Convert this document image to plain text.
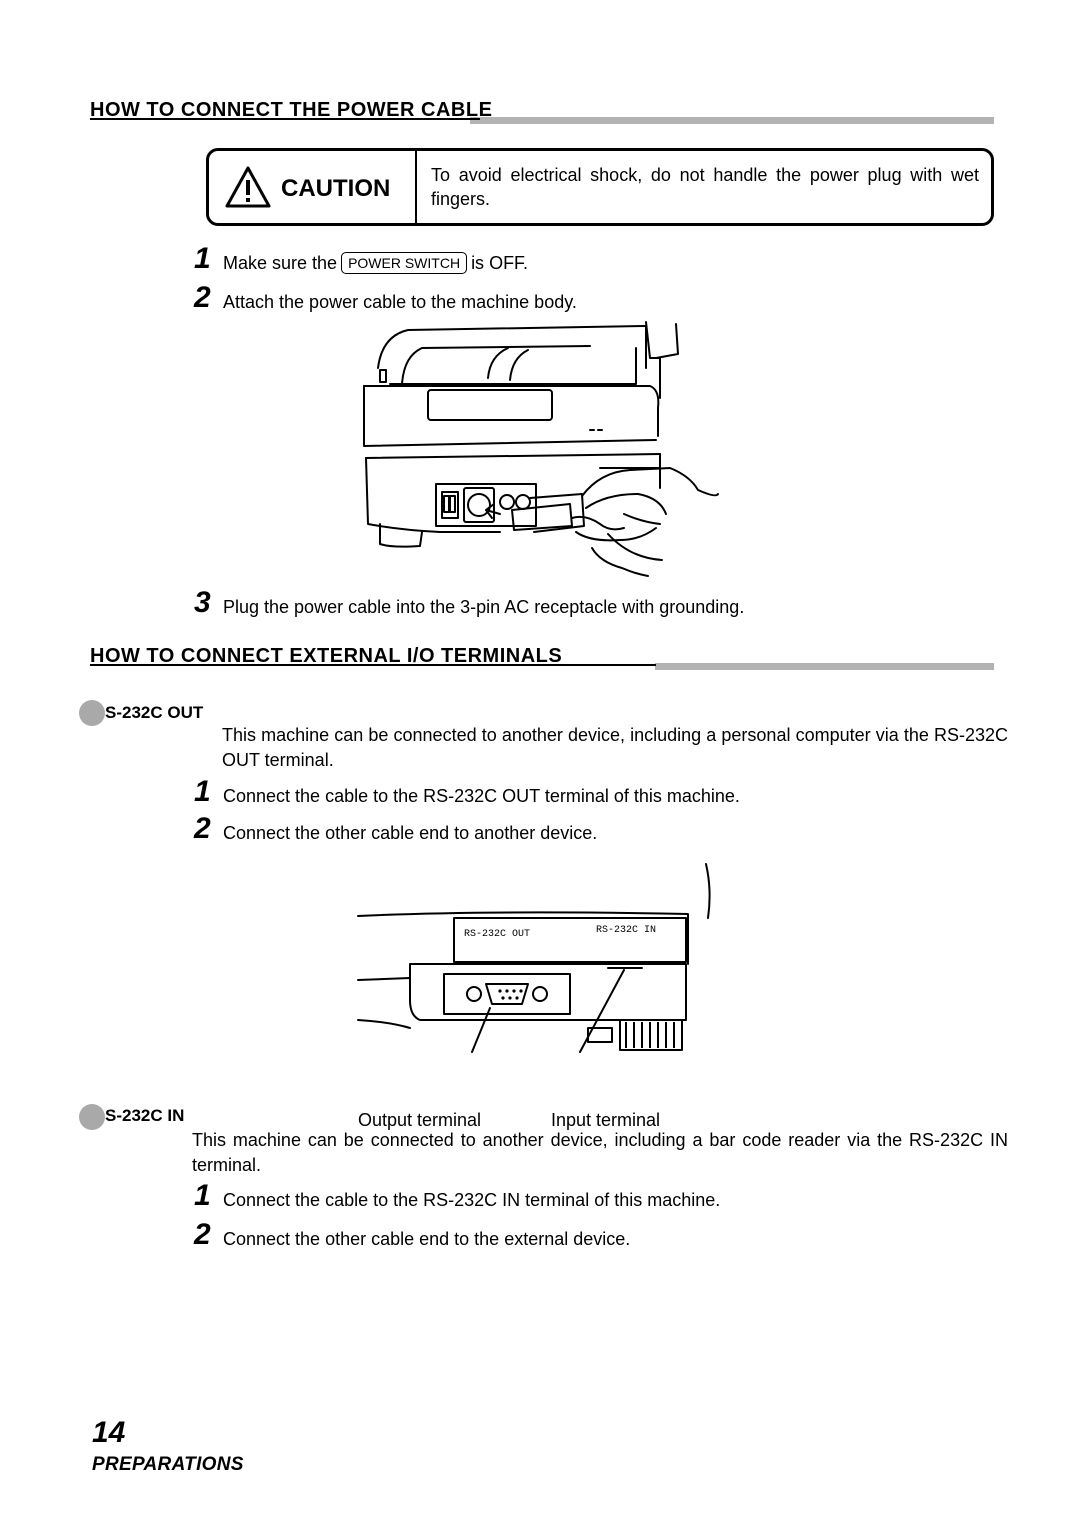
HOW TO CONNECT THE POWER CABLE
CAUTION To avoid electrical shock, do not handle the power plug with wet fingers.
1 Make sure the POWER SWITCH is OFF.
2 Attach the power cable to the machine body.
3 Plug the power cable into the 3-pin AC receptacle with grounding.
HOW TO CONNECT EXTERNAL I/O TERMINALS
S-232C OUT
This machine can be connected to another device, including a personal computer via the RS-232C OUT terminal.
1 Connect the cable to the RS-232C OUT terminal of this machine.
2 Connect the other cable end to another device.
RS-232C OUT	RS-232C IN
Output terminal	Input terminal
S-232C IN
This machine can be connected to another device, including a bar code reader via the RS-232C IN terminal.
1 Connect the cable to the RS-232C IN terminal of this machine.
2 Connect the other cable end to the external device.
14
PREPARATIONS
